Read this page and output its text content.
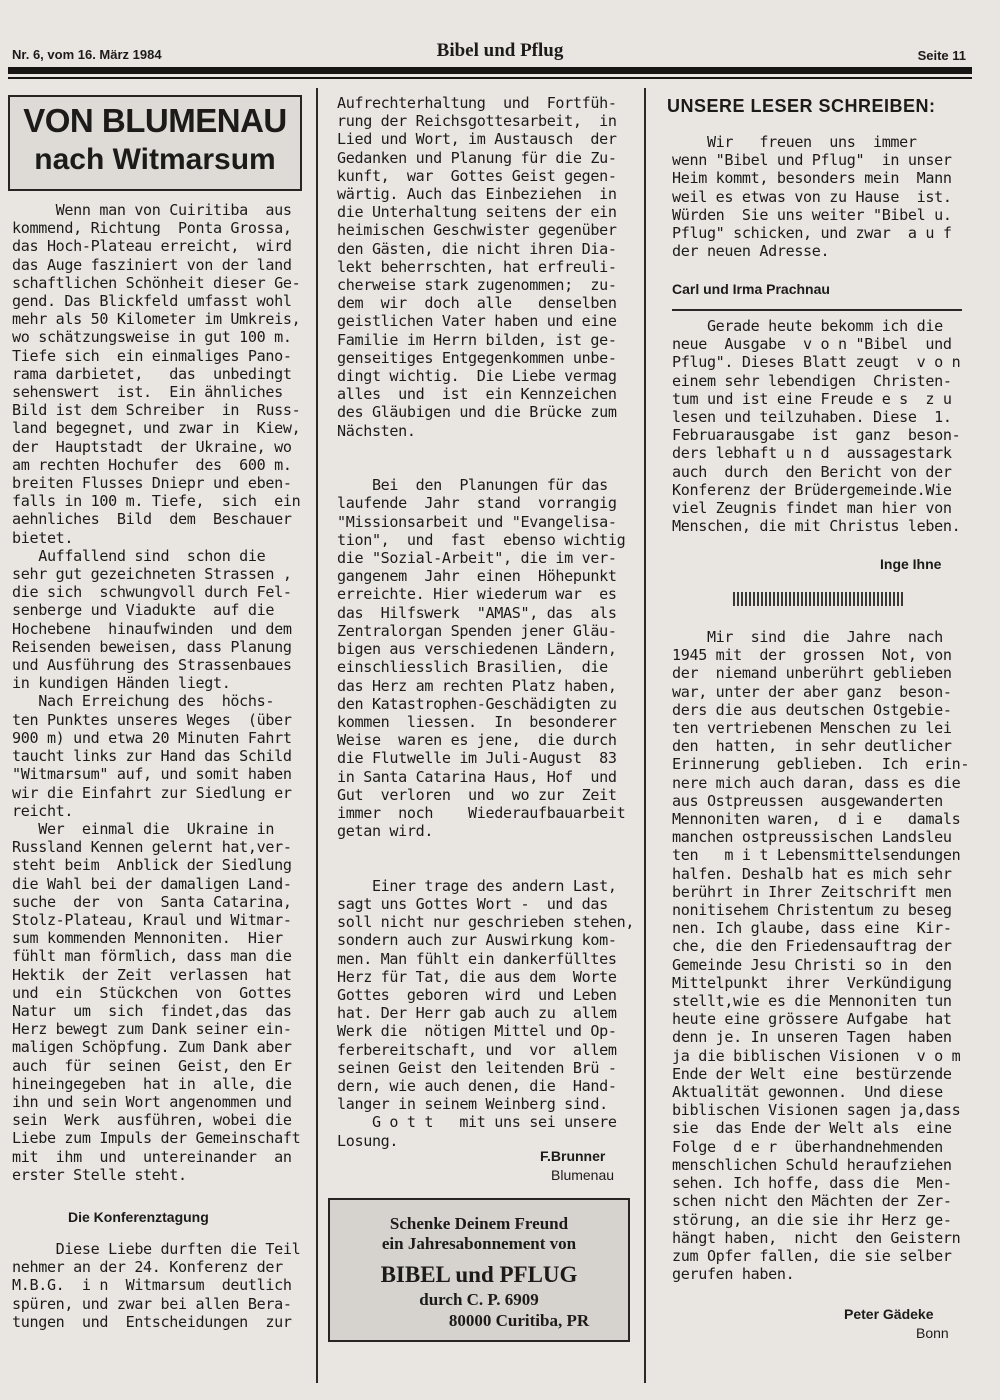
Nr. 6, vom 16. März 1984	Bibel und Pflug	Seite 11
VON BLUMENAU
nach Witmarsum
Wenn man von Cuiritiba  aus
kommend, Richtung  Ponta Grossa,
das Hoch-Plateau erreicht,  wird
das Auge fasziniert von der land
schaftlichen Schönheit dieser Ge-
gend. Das Blickfeld umfasst wohl
mehr als 50 Kilometer im Umkreis,
wo schätzungsweise in gut 100 m.
Tiefe sich  ein einmaliges Pano-
rama darbietet,   das  unbedingt
sehenswert  ist.  Ein ähnliches
Bild ist dem Schreiber  in  Russ-
land begegnet, und zwar in  Kiew,
der  Hauptstadt  der Ukraine, wo
am rechten Hochufer  des  600 m.
breiten Flusses Dniepr und eben-
falls in 100 m. Tiefe,  sich  ein
aehnliches  Bild  dem  Beschauer
bietet.
Auffallend sind  schon die
sehr gut gezeichneten Strassen ,
die sich  schwungvoll durch Fel-
senberge und Viadukte  auf die
Hochebene  hinaufwinden  und dem
Reisenden beweisen, dass Planung
und Ausführung des Strassenbaues
in kundigen Händen liegt.
Nach Erreichung des  höchs-
ten Punktes unseres Weges  (über
900 m) und etwa 20 Minuten Fahrt
taucht links zur Hand das Schild
"Witmarsum" auf, und somit haben
wir die Einfahrt zur Siedlung er
reicht.
Wer  einmal die  Ukraine in
Russland Kennen gelernt hat,ver-
steht beim  Anblick der Siedlung
die Wahl bei der damaligen Land-
suche  der  von  Santa Catarina,
Stolz-Plateau, Kraul und Witmar-
sum kommenden Mennoniten.  Hier
fühlt man förmlich, dass man die
Hektik  der Zeit  verlassen  hat
und  ein  Stückchen  von  Gottes
Natur  um  sich  findet,das  das
Herz bewegt zum Dank seiner ein-
maligen Schöpfung. Zum Dank aber
auch  für  seinen  Geist, den Er
hineingegeben  hat in  alle, die
ihn und sein Wort angenommen und
sein  Werk  ausführen, wobei die
Liebe zum Impuls der Gemeinschaft
mit  ihm  und  untereinander  an
erster Stelle steht.
Die Konferenztagung
Diese Liebe durften die Teil
nehmer an der 24. Konferenz der
M.B.G.  i n  Witmarsum  deutlich
spüren, und zwar bei allen Bera-
tungen  und  Entscheidungen  zur
Aufrechterhaltung  und  Fortfüh-
rung der Reichsgottesarbeit,  in
Lied und Wort, im Austausch  der
Gedanken und Planung für die Zu-
kunft,  war  Gottes Geist gegen-
wärtig. Auch das Einbeziehen  in
die Unterhaltung seitens der ein
heimischen Geschwister gegenüber
den Gästen, die nicht ihren Dia-
lekt beherrschten, hat erfreuli-
cherweise stark zugenommen;  zu-
dem  wir  doch  alle   denselben
geistlichen Vater haben und eine
Familie im Herrn bilden, ist ge-
genseitiges Entgegenkommen unbe-
dingt wichtig.  Die Liebe vermag
alles  und  ist  ein Kennzeichen
des Gläubigen und die Brücke zum
Nächsten.

Bei  den  Planungen für das
laufende  Jahr  stand  vorrangig
"Missionsarbeit und "Evangelisa-
tion",  und  fast  ebenso wichtig
die "Sozial-Arbeit", die im ver-
gangenem  Jahr  einen  Höhepunkt
erreichte. Hier wiederum war  es
das  Hilfswerk  "AMAS", das  als
Zentralorgan Spenden jener Gläu-
bigen aus verschiedenen Ländern,
einschliesslich Brasilien,  die
das Herz am rechten Platz haben,
den Katastrophen-Geschädigten zu
kommen  liessen.  In  besonderer
Weise  waren es jene,  die durch
die Flutwelle im Juli-August  83
in Santa Catarina Haus, Hof  und
Gut  verloren  und  wo zur  Zeit
immer  noch    Wiederaufbauarbeit
getan wird.

Einer trage des andern Last,
sagt uns Gottes Wort -  und das
soll nicht nur geschrieben stehen,
sondern auch zur Auswirkung kom-
men. Man fühlt ein dankerfülltes
Herz für Tat, die aus dem  Worte
Gottes  geboren  wird  und Leben
hat. Der Herr gab auch zu  allem
Werk die  nötigen Mittel und Op-
ferbereitschaft, und  vor  allem
seinen Geist den leitenden Brü -
dern, wie auch denen, die  Hand-
langer in seinem Weinberg sind.
G o t t   mit uns sei unsere
Losung.
F.Brunner
Blumenau
Schenke Deinem Freund
ein Jahresabonnement von
BIBEL und PFLUG
durch C. P. 6909
80000 Curitiba, PR
UNSERE LESER SCHREIBEN:
Wir   freuen  uns  immer
wenn "Bibel und Pflug"  in unser
Heim kommt, besonders mein  Mann
weil es etwas von zu Hause  ist.
Würden  Sie uns weiter "Bibel u.
Pflug" schicken, und zwar  a u f
der neuen Adresse.
Carl und Irma Prachnau
Gerade heute bekomm ich die
neue  Ausgabe  v o n "Bibel  und
Pflug". Dieses Blatt zeugt  v o n
einem sehr lebendigen  Christen-
tum und ist eine Freude e s  z u
lesen und teilzuhaben. Diese  1.
Februarausgabe  ist  ganz  beson-
ders lebhaft u n d  aussagestark
auch  durch  den Bericht von der
Konferenz der Brüdergemeinde.Wie
viel Zeugnis findet man hier von
Menschen, die mit Christus leben.
Inge Ihne
Mir  sind  die  Jahre  nach
1945 mit  der  grossen  Not, von
der  niemand unberührt geblieben
war, unter der aber ganz  beson-
ders die aus deutschen Ostgebie-
ten vertriebenen Menschen zu lei
den  hatten,  in sehr deutlicher
Erinnerung  geblieben.  Ich  erin-
nere mich auch daran, dass es die
aus Ostpreussen  ausgewanderten
Mennoniten waren,  d i e   damals
manchen ostpreussischen Landsleu
ten   m i t Lebensmittelsendungen
halfen. Deshalb hat es mich sehr
berührt in Ihrer Zeitschrift men
nonitisehem Christentum zu beseg
nen. Ich glaube, dass eine  Kir-
che, die den Friedensauftrag der
Gemeinde Jesu Christi so in  den
Mittelpunkt  ihrer  Verkündigung
stellt,wie es die Mennoniten tun
heute eine grössere Aufgabe  hat
denn je. In unseren Tagen  haben
ja die biblischen Visionen  v o m
Ende der Welt  eine  bestürzende
Aktualität gewonnen.  Und diese
biblischen Visionen sagen ja,dass
sie  das Ende der Welt als  eine
Folge  d e r  überhandnehmenden
menschlichen Schuld heraufziehen
sehen. Ich hoffe, dass die  Men-
schen nicht den Mächten der Zer-
störung, an die sie ihr Herz ge-
hängt haben,  nicht  den Geistern
zum Opfer fallen, die sie selber
gerufen haben.
Peter Gädeke
Bonn
